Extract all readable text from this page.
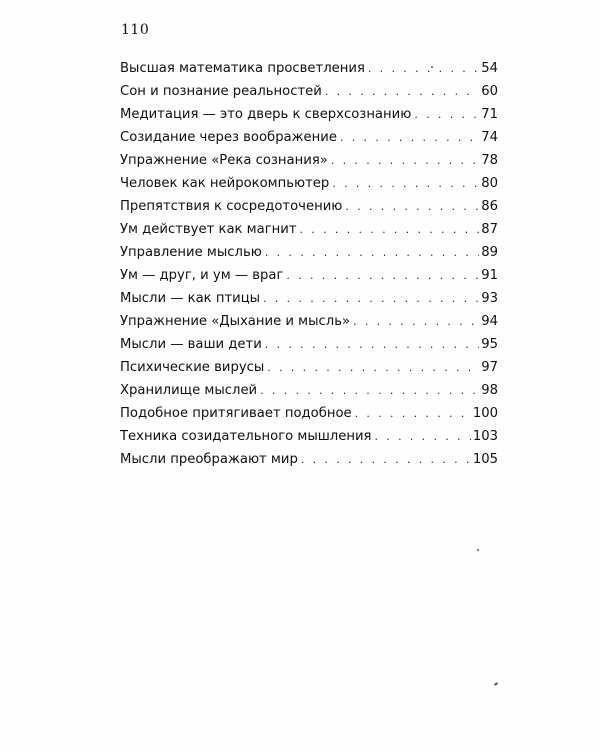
110
Высшая математика просветления . . .	54
Сон и познание реальностей . . .	60
Медитация — это дверь к сверхсознанию . . .	71
Созидание через воображение . . .	74
Упражнение «Река сознания» . . .	78
Человек как нейрокомпьютер . . .	80
Препятствия к сосредоточению . . .	86
Ум действует как магнит . . .	87
Управление мыслью . . .	89
Ум — друг, и ум — враг . . .	91
Мысли — как птицы . . .	93
Упражнение «Дыхание и мысль» . . .	94
Мысли — ваши дети . . .	95
Психические вирусы . . .	97
Хранилище мыслей . . .	98
Подобное притягивает подобное . . .	100
Техника созидательного мышления . . .	103
Мысли преображают мир . . .	105
